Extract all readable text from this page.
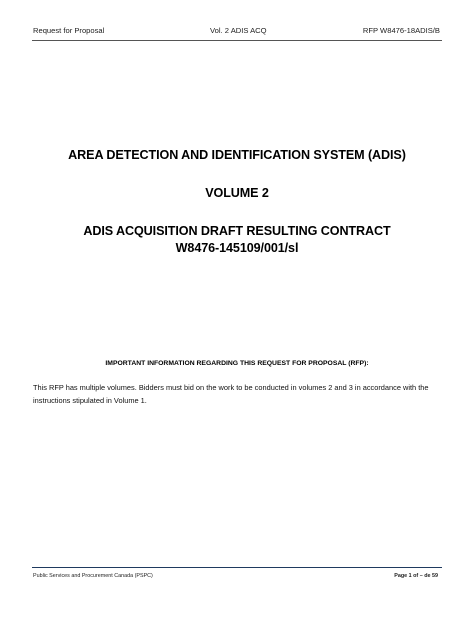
Request for Proposal	Vol. 2 ADIS ACQ	RFP W8476-18ADIS/B
AREA DETECTION AND IDENTIFICATION SYSTEM (ADIS)
VOLUME 2
ADIS ACQUISITION DRAFT RESULTING CONTRACT
W8476-145109/001/sl
IMPORTANT INFORMATION REGARDING THIS REQUEST FOR PROPOSAL (RFP):
This RFP has multiple volumes. Bidders must bid on the work to be conducted in volumes 2 and 3 in accordance with the instructions stipulated in Volume 1.
Public Services and Procurement Canada (PSPC)	Page 1 of – de 59
